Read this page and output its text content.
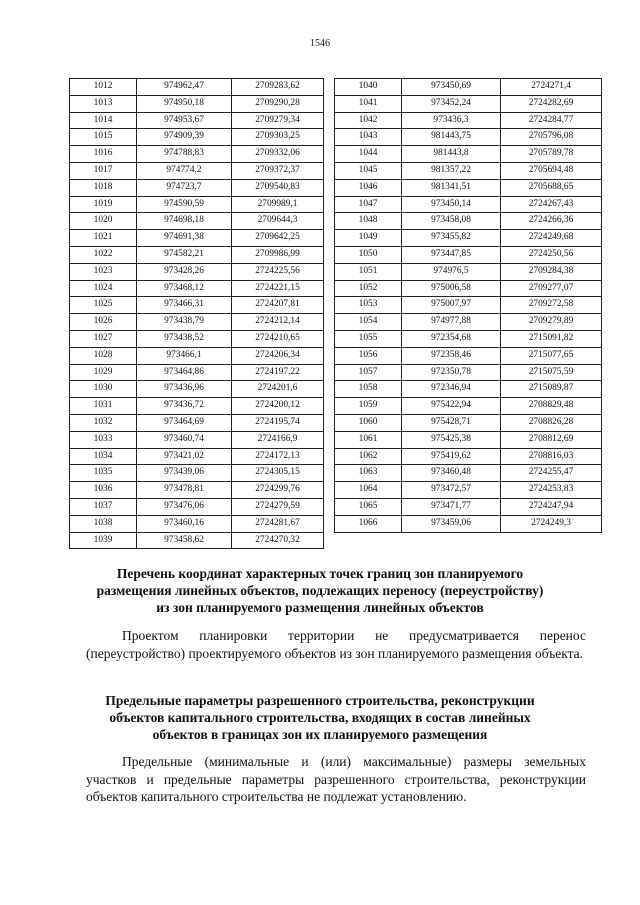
1546
1012	974962,47	2709283,62
1013	974950,18	2709290,28
1014	974953,67	2709279,34
1015	974909,39	2709303,25
1016	974788,83	2709332,06
1017	974774,2	2709372,37
1018	974723,7	2709540,83
1019	974590,59	2709989,1
1020	974698,18	2709644,3
1021	974691,38	2709642,25
1022	974582,21	2709986,99
1023	973428,26	2724225,56
1024	973468,12	2724221,15
1025	973466,31	2724207,81
1026	973438,79	2724212,14
1027	973438,52	2724210,65
1028	973466,1	2724206,34
1029	973464,86	2724197,22
1030	973436,96	2724201,6
1031	973436,72	2724200,12
1032	973464,69	2724195,74
1033	973460,74	2724166,9
1034	973421,02	2724172,13
1035	973439,06	2724305,15
1036	973478,81	2724299,76
1037	973476,06	2724279,59
1038	973460,16	2724281,67
1039	973458,62	2724270,32
1040	973450,69	2724271,4
1041	973452,24	2724282,69
1042	973436,3	2724284,77
1043	981443,75	2705796,08
1044	981443,8	2705789,78
1045	981357,22	2705694,48
1046	981341,51	2705688,65
1047	973450,14	2724267,43
1048	973458,08	2724266,36
1049	973455,82	2724249,68
1050	973447,85	2724250,56
1051	974976,5	2709284,38
1052	975006,58	2709277,07
1053	975007,97	2709272,58
1054	974977,88	2709279,89
1055	972354,68	2715091,82
1056	972358,46	2715077,65
1057	972350,78	2715075,59
1058	972346,94	2715089,87
1059	975422,94	2708829,48
1060	975428,71	2708826,28
1061	975425,38	2708812,69
1062	975419,62	2708816,03
1063	973460,48	2724255,47
1064	973472,57	2724253,83
1065	973471,77	2724247,94
1066	973459,06	2724249,3
Перечень координат характерных точек границ зон планируемого
размещения линейных объектов, подлежащих переносу (переустройству)
из зон планируемого размещения линейных объектов

Проектом планировки территории не предусматривается перенос (переустройство) проектируемого объектов из зон планируемого размещения объекта.

Предельные параметры разрешенного строительства, реконструкции
объектов капитального строительства, входящих в состав линейных
объектов в границах зон их планируемого размещения

Предельные (минимальные и (или) максимальные) размеры земельных участков и предельные параметры разрешенного строительства, реконструкции объектов капитального строительства не подлежат установлению.
